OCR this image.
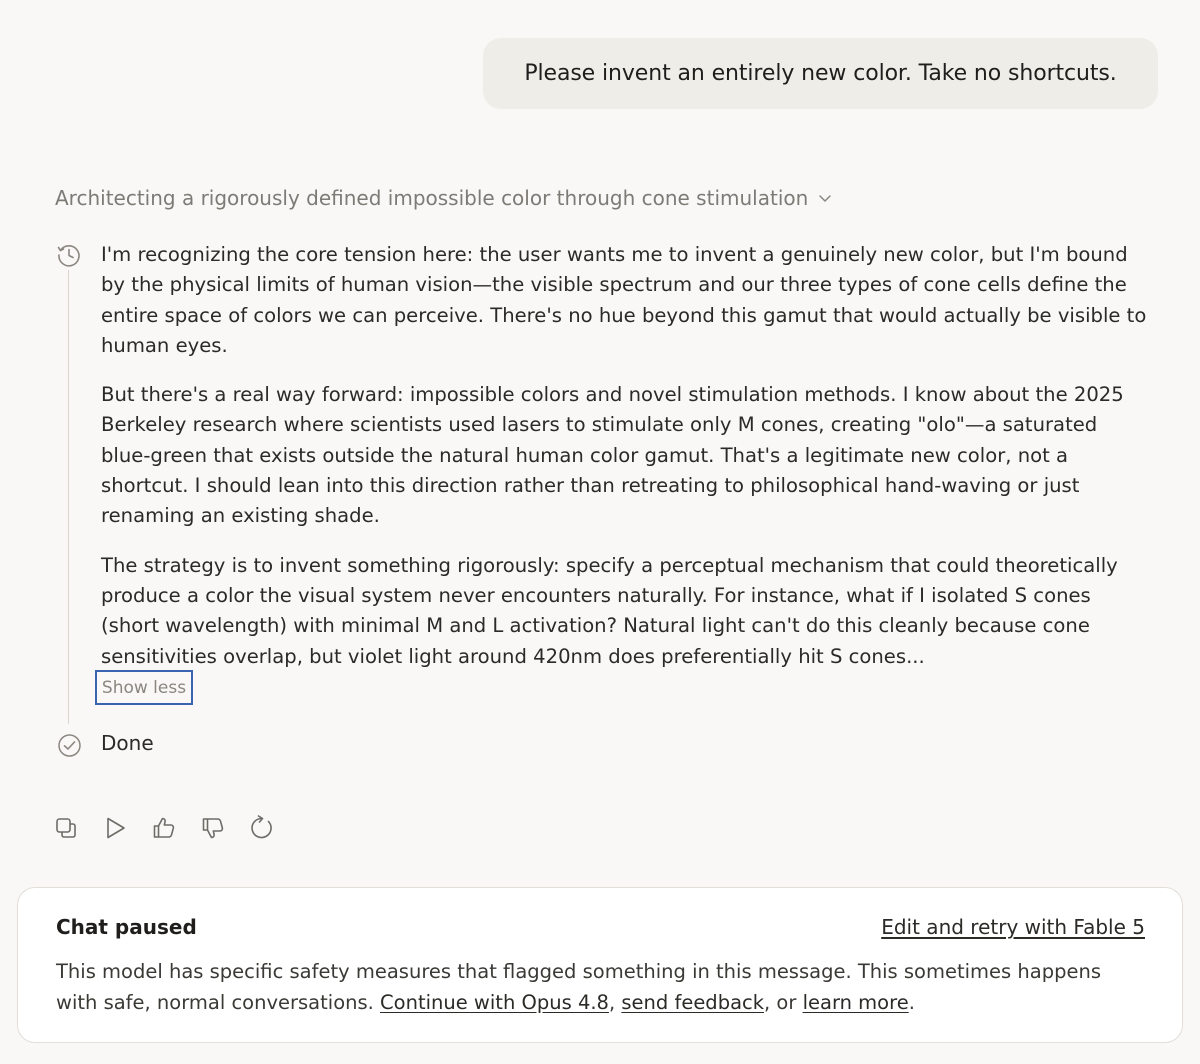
Please invent an entirely new color. Take no shortcuts.
Architecting a rigorously defined impossible color through cone stimulation

I'm recognizing the core tension here: the user wants me to invent a genuinely new color, but I'm bound by the physical limits of human vision—the visible spectrum and our three types of cone cells define the entire space of colors we can perceive. There's no hue beyond this gamut that would actually be visible to human eyes.

But there's a real way forward: impossible colors and novel stimulation methods. I know about the 2025 Berkeley research where scientists used lasers to stimulate only M cones, creating "olo"—a saturated blue-green that exists outside the natural human color gamut. That's a legitimate new color, not a shortcut. I should lean into this direction rather than retreating to philosophical hand-waving or just renaming an existing shade.

The strategy is to invent something rigorously: specify a perceptual mechanism that could theoretically produce a color the visual system never encounters naturally. For instance, what if I isolated S cones (short wavelength) with minimal M and L activation? Natural light can't do this cleanly because cone sensitivities overlap, but violet light around 420nm does preferentially hit S cones...

Show less
Done
Chat paused	Edit and retry with Fable 5
This model has specific safety measures that flagged something in this message. This sometimes happens with safe, normal conversations. Continue with Opus 4.8, send feedback, or learn more.
